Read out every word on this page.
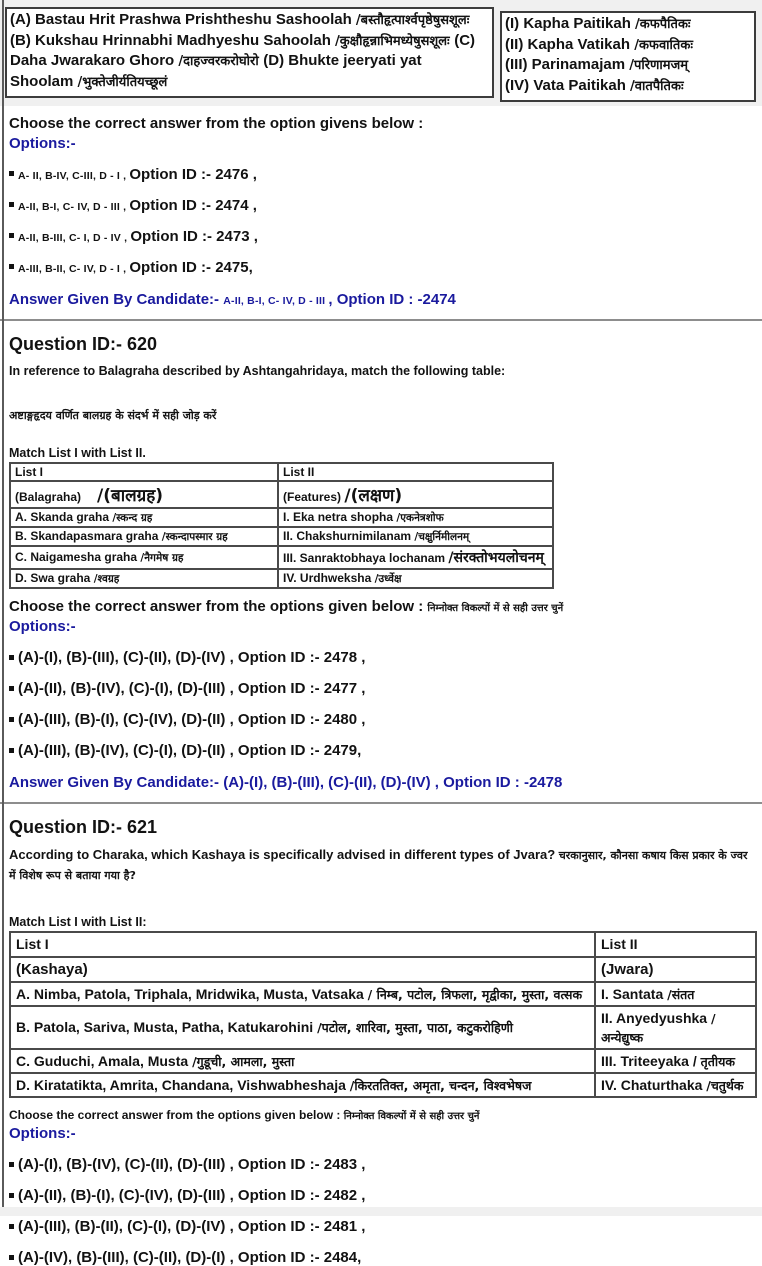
(A) Bastau Hrit Prashwa Prishtheshu Sashoolah /बस्तौहृत्पार्श्वपृष्ठेषुसशूलः (B) Kukshau Hrinnabhi Madhyeshu Sahoolah /कुक्षौहृन्नाभिमध्येषुसशूलः (C) Daha Jwarakaro Ghoro /दाहज्वरकरोघोरो (D) Bhukte jeeryati yat Shoolam /भुक्तेजीर्यतियच्छूलं
(I) Kapha Paitikah /कफपैतिकः
(II) Kapha Vatikah /कफवातिकः
(III) Parinamajam /परिणामजम्
(IV) Vata Paitikah /वातपैतिकः
Choose the correct answer from the option givens below :
Options:-
A- II, B-IV, C-III, D - I , Option ID :- 2476 ,
A-II, B-I, C- IV, D - III , Option ID :- 2474 ,
A-II, B-III, C- I, D - IV , Option ID :- 2473 ,
A-III, B-II, C- IV, D - I , Option ID :- 2475,
Answer Given By Candidate:- A-II, B-I, C- IV, D - III , Option ID : -2474
Question ID:- 620
In reference to Balagraha described by Ashtangahridaya, match the following table:
अष्टाङ्गहृदय वर्णित बालग्रह के संदर्भ में सही जोड़ करें
Match List I with List II.
List I	List II
(Balagraha) /(बालग्रह)	(Features) /(लक्षण)
A. Skanda graha /स्कन्द ग्रह	I. Eka netra shopha /एकनेत्रशोफ
B. Skandapasmara graha /स्कन्दापस्मार ग्रह	II. Chakshurnimilanam /चक्षुर्निमीलनम्
C. Naigamesha graha /नैगमेष ग्रह	III. Sanraktobhaya lochanam /संरक्तोभयलोचनम्
D. Swa graha /श्वग्रह	IV. Urdhweksha /उर्ध्वेक्ष
Choose the correct answer from the options given below : निम्नोक्त विकल्पों में से सही उत्तर चुनें
Options:-
(A)-(I), (B)-(III), (C)-(II), (D)-(IV) , Option ID :- 2478 ,
(A)-(II), (B)-(IV), (C)-(I), (D)-(III) , Option ID :- 2477 ,
(A)-(III), (B)-(I), (C)-(IV), (D)-(II) , Option ID :- 2480 ,
(A)-(III), (B)-(IV), (C)-(I), (D)-(II) , Option ID :- 2479,
Answer Given By Candidate:- (A)-(I), (B)-(III), (C)-(II), (D)-(IV) , Option ID : -2478
Question ID:- 621
According to Charaka, which Kashaya is specifically advised in different types of Jvara? चरकानुसार, कौनसा कषाय किस प्रकार के ज्वर में विशेष रूप से बताया गया है?
Match List I with List II:
List I	List II
(Kashaya)	(Jwara)
A. Nimba, Patola, Triphala, Mridwika, Musta, Vatsaka / निम्ब, पटोल, त्रिफला, मृद्वीका, मुस्ता, वत्सक	I. Santata /संतत
B. Patola, Sariva, Musta, Patha, Katukarohini /पटोल, शारिवा, मुस्ता, पाठा, कटुकरोहिणी	II. Anyedyushka /अन्येद्युष्क
C. Guduchi, Amala, Musta /गुडूची, आमला, मुस्ता	III. Triteeyaka / तृतीयक
D. Kiratatikta, Amrita, Chandana, Vishwabheshaja /किरततिक्त, अमृता, चन्दन, विश्वभेषज	IV. Chaturthaka /चतुर्थक
Choose the correct answer from the options given below : निम्नोक्त विकल्पों में से सही उत्तर चुनें
Options:-
(A)-(I), (B)-(IV), (C)-(II), (D)-(III) , Option ID :- 2483 ,
(A)-(II), (B)-(I), (C)-(IV), (D)-(III) , Option ID :- 2482 ,
(A)-(III), (B)-(II), (C)-(I), (D)-(IV) , Option ID :- 2481 ,
(A)-(IV), (B)-(III), (C)-(II), (D)-(I) , Option ID :- 2484,
